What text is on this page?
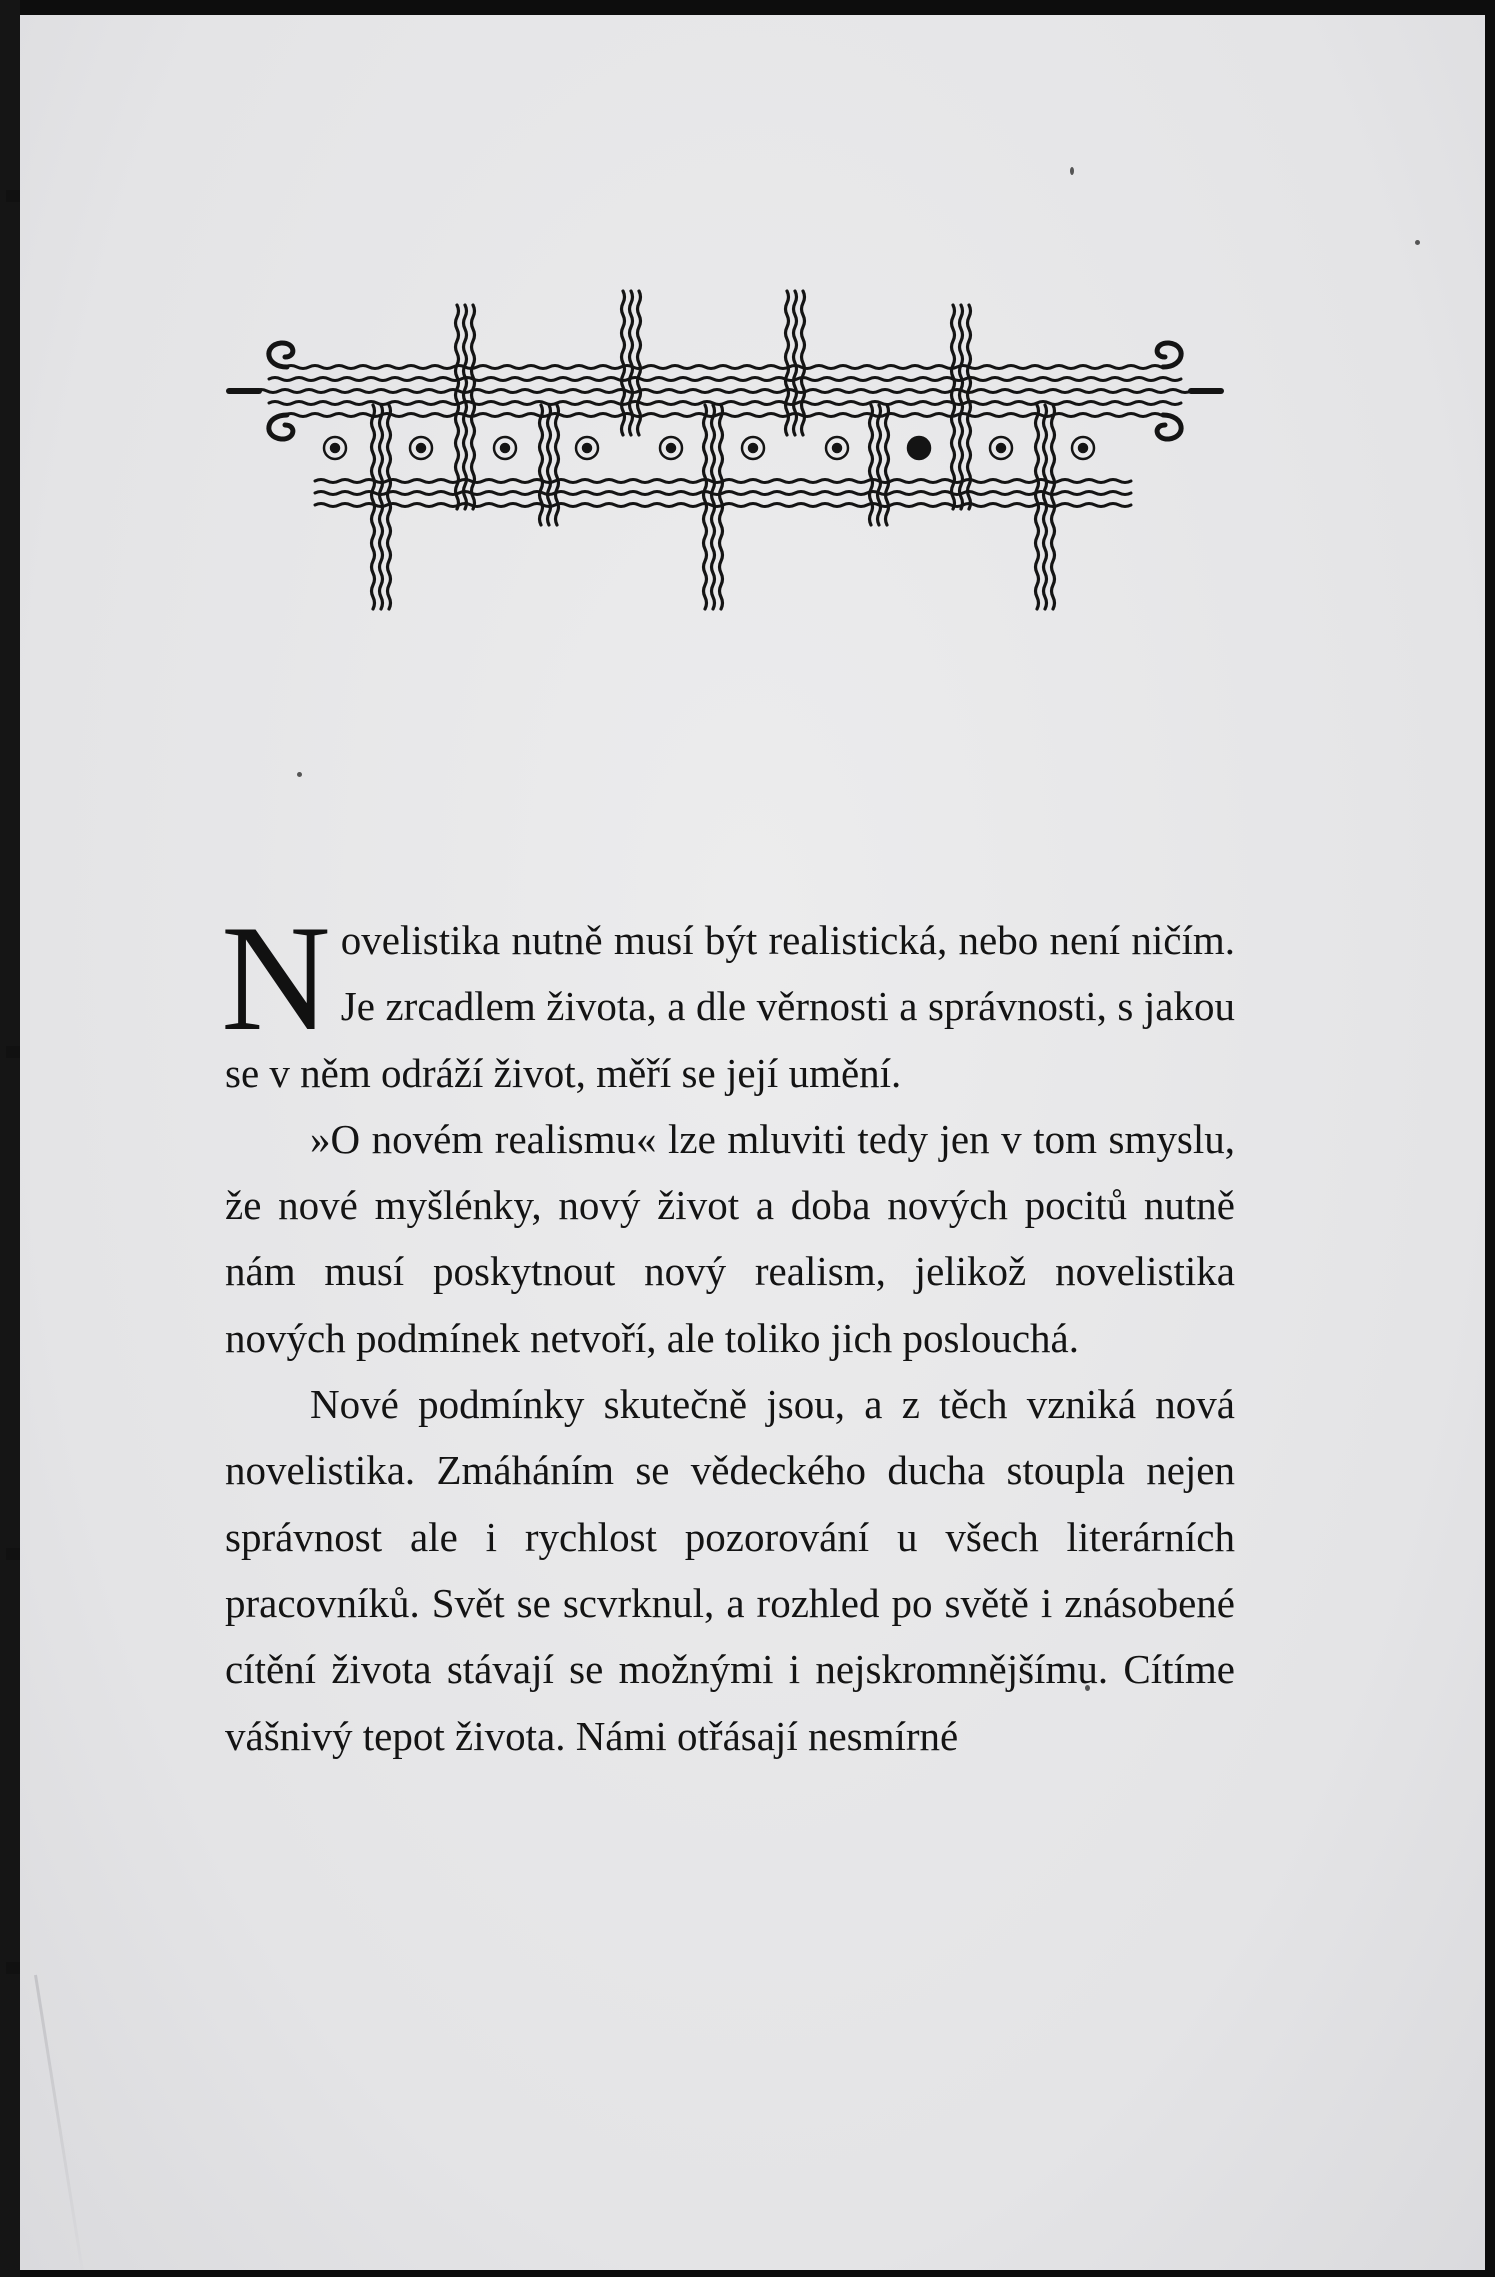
Novelistika nutně musí být realistická, nebo není ničím. Je zrcadlem života, a dle věrnosti a správnosti, s jakou se v něm odráží život, měří se její umění.

»O novém realismu« lze mluviti tedy jen v tom smyslu, že nové myšlénky, nový život a doba nových pocitů nutně nám musí poskytnout nový realism, jelikož novelistika nových podmínek netvoří, ale toliko jich poslouchá.

Nové podmínky skutečně jsou, a z těch vzniká nová novelistika. Zmáháním se vědeckého ducha stoupla nejen správnost ale i rychlost pozorování u všech literárních pracovníků. Svět se scvrknul, a rozhled po světě i znásobené cítění života stávají se možnými i nejskromnějšímu. Cítíme vášnivý tepot života. Námi otřásají nesmírné
